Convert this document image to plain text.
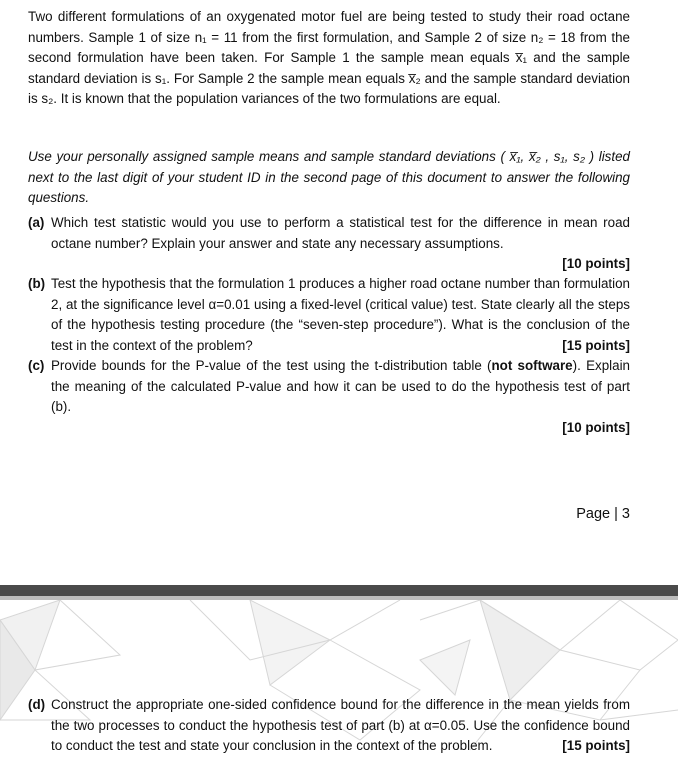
Two different formulations of an oxygenated motor fuel are being tested to study their road octane numbers. Sample 1 of size n₁ = 11 from the first formulation, and Sample 2 of size n₂ = 18 from the second formulation have been taken. For Sample 1 the sample mean equals x̅₁ and the sample standard deviation is s₁. For Sample 2 the sample mean equals x̅₂ and the sample standard deviation is s₂. It is known that the population variances of the two formulations are equal.
Use your personally assigned sample means and sample standard deviations ( x̅₁, x̅₂ , s₁, s₂ ) listed next to the last digit of your student ID in the second page of this document to answer the following questions.
(a) Which test statistic would you use to perform a statistical test for the difference in mean road octane number? Explain your answer and state any necessary assumptions.
[10 points]
(b) Test the hypothesis that the formulation 1 produces a higher road octane number than formulation 2, at the significance level α=0.01 using a fixed-level (critical value) test. State clearly all the steps of the hypothesis testing procedure (the “seven-step procedure”). What is the conclusion of the test in the context of the problem?	[15 points]
(c) Provide bounds for the P-value of the test using the t-distribution table (not software). Explain the meaning of the calculated P-value and how it can be used to do the hypothesis test of part (b).
[10 points]
Page | 3
(d) Construct the appropriate one-sided confidence bound for the difference in the mean yields from the two processes to conduct the hypothesis test of part (b) at α=0.05. Use the confidence bound to conduct the test and state your conclusion in the context of the problem.	[15 points]
